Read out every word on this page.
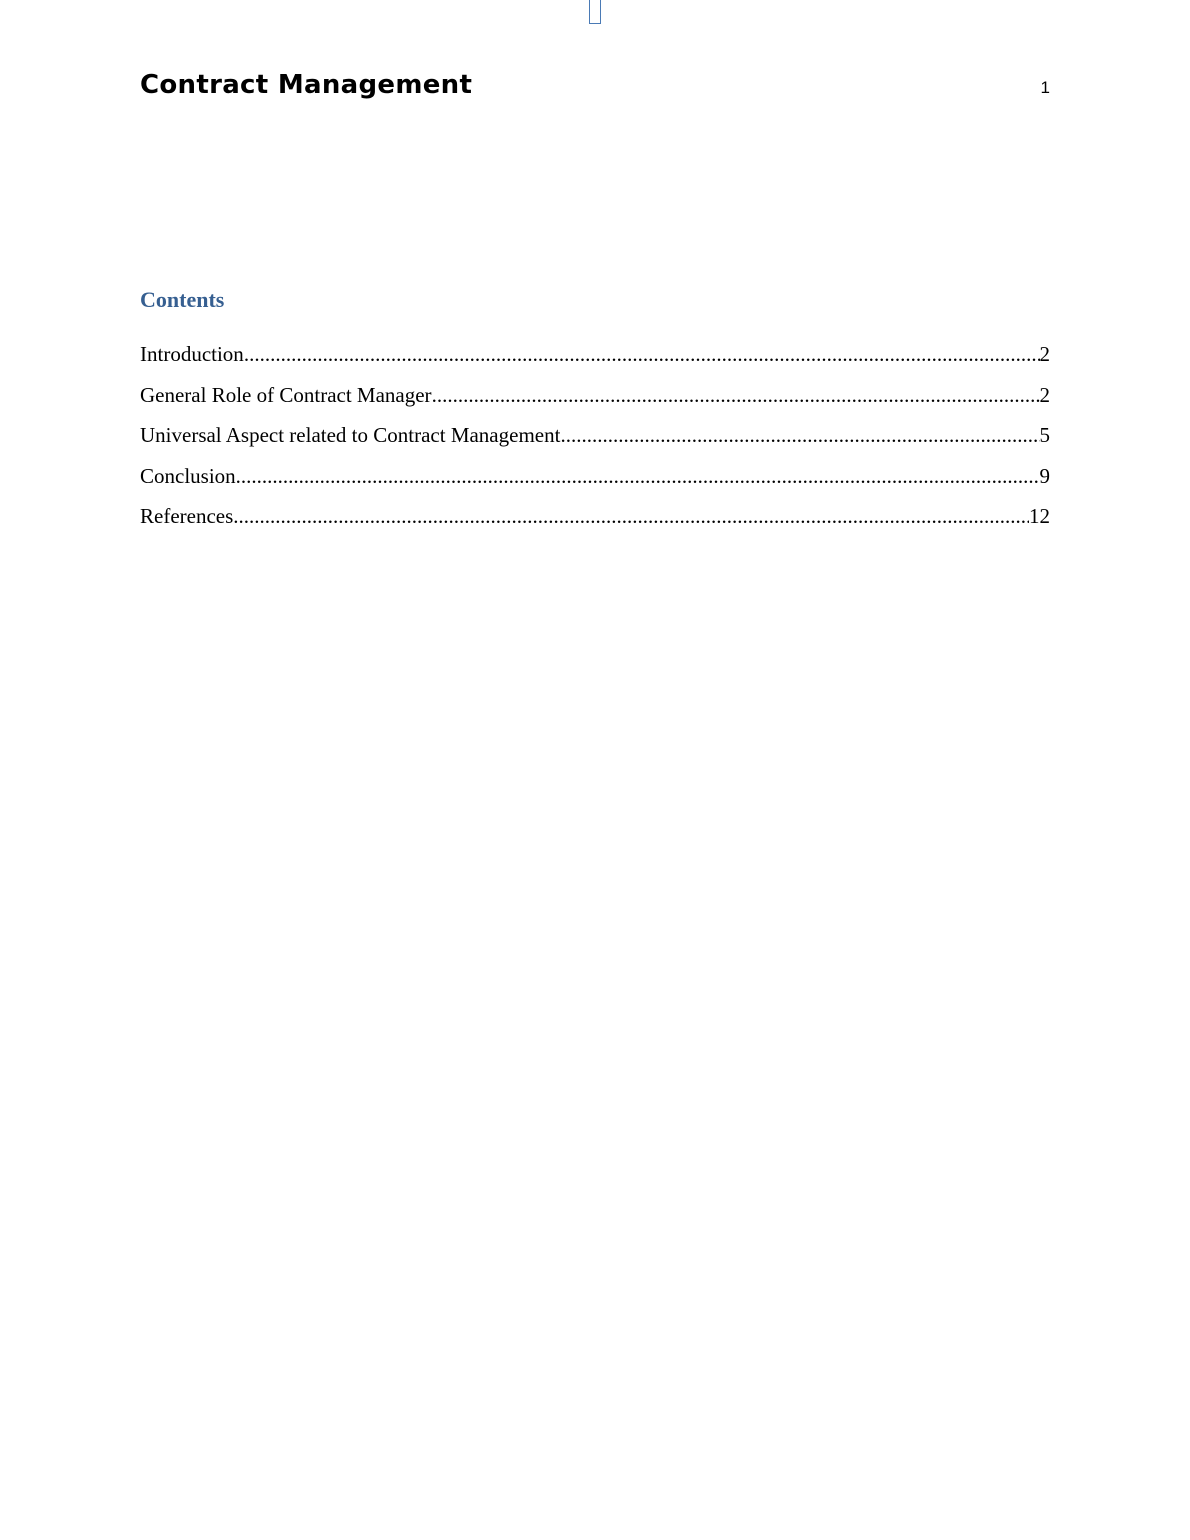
Contract Management	1
Contents
Introduction .....	2
General Role of Contract Manager .....	2
Universal Aspect related to Contract Management .....	5
Conclusion .....	9
References .....	12
